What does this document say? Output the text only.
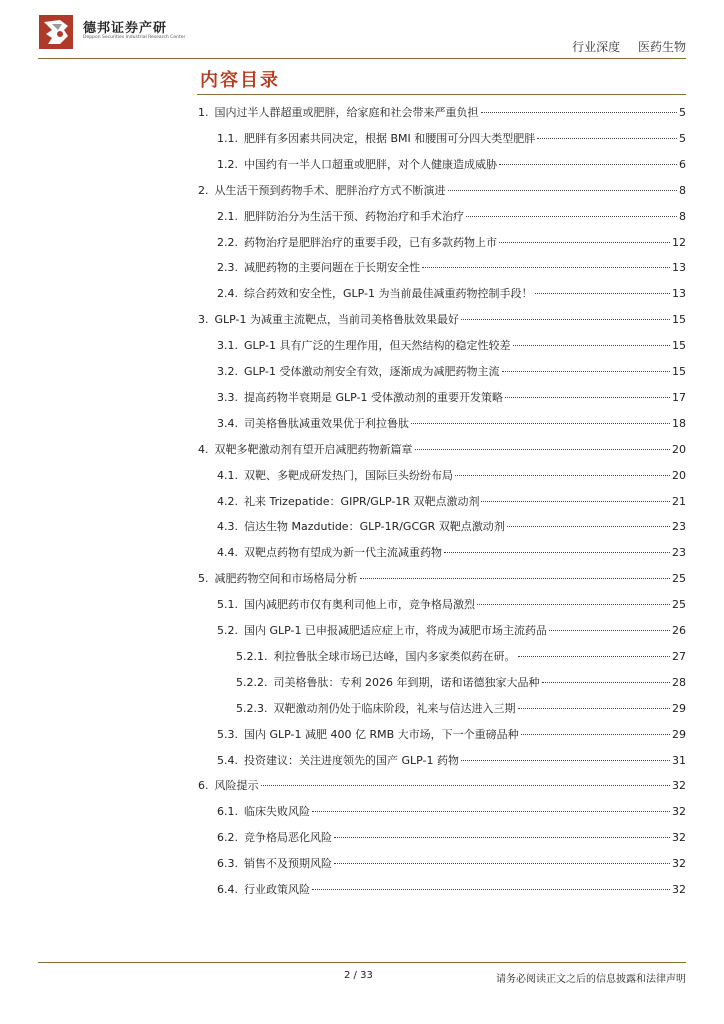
德邦证券产研
Deppon Securities Industrial Research Center
行业深度 医药生物
内容目录
1. 国内过半人群超重或肥胖，给家庭和社会带来严重负担	5
1.1. 肥胖有多因素共同决定，根据 BMI 和腰围可分四大类型肥胖	5
1.2. 中国约有一半人口超重或肥胖，对个人健康造成威胁	6
2. 从生活干预到药物手术、肥胖治疗方式不断演进	8
2.1. 肥胖防治分为生活干预、药物治疗和手术治疗	8
2.2. 药物治疗是肥胖治疗的重要手段，已有多款药物上市	12
2.3. 减肥药物的主要问题在于长期安全性	13
2.4. 综合药效和安全性，GLP-1 为当前最佳减重药物控制手段！	13
3. GLP-1 为减重主流靶点，当前司美格鲁肽效果最好	15
3.1. GLP-1 具有广泛的生理作用，但天然结构的稳定性较差	15
3.2. GLP-1 受体激动剂安全有效，逐渐成为减肥药物主流	15
3.3. 提高药物半衰期是 GLP-1 受体激动剂的重要开发策略	17
3.4. 司美格鲁肽减重效果优于利拉鲁肽	18
4. 双靶多靶激动剂有望开启减肥药物新篇章	20
4.1. 双靶、多靶成研发热门，国际巨头纷纷布局	20
4.2. 礼来 Trizepatide：GIPR/GLP-1R 双靶点激动剂	21
4.3. 信达生物 Mazdutide：GLP-1R/GCGR 双靶点激动剂	23
4.4. 双靶点药物有望成为新一代主流减重药物	23
5. 减肥药物空间和市场格局分析	25
5.1. 国内减肥药市仅有奥利司他上市，竞争格局激烈	25
5.2. 国内 GLP-1 已申报减肥适应症上市，将成为减肥市场主流药品	26
5.2.1. 利拉鲁肽全球市场已达峰，国内多家类似药在研。	27
5.2.2. 司美格鲁肽：专利 2026 年到期，诺和诺德独家大品种	28
5.2.3. 双靶激动剂仍处于临床阶段，礼来与信达进入三期	29
5.3. 国内 GLP-1 减肥 400 亿 RMB 大市场，下一个重磅品种	29
5.4. 投资建议：关注进度领先的国产 GLP-1 药物	31
6. 风险提示	32
6.1. 临床失败风险	32
6.2. 竞争格局恶化风险	32
6.3. 销售不及预期风险	32
6.4. 行业政策风险	32
2 / 33	请务必阅读正文之后的信息披露和法律声明
